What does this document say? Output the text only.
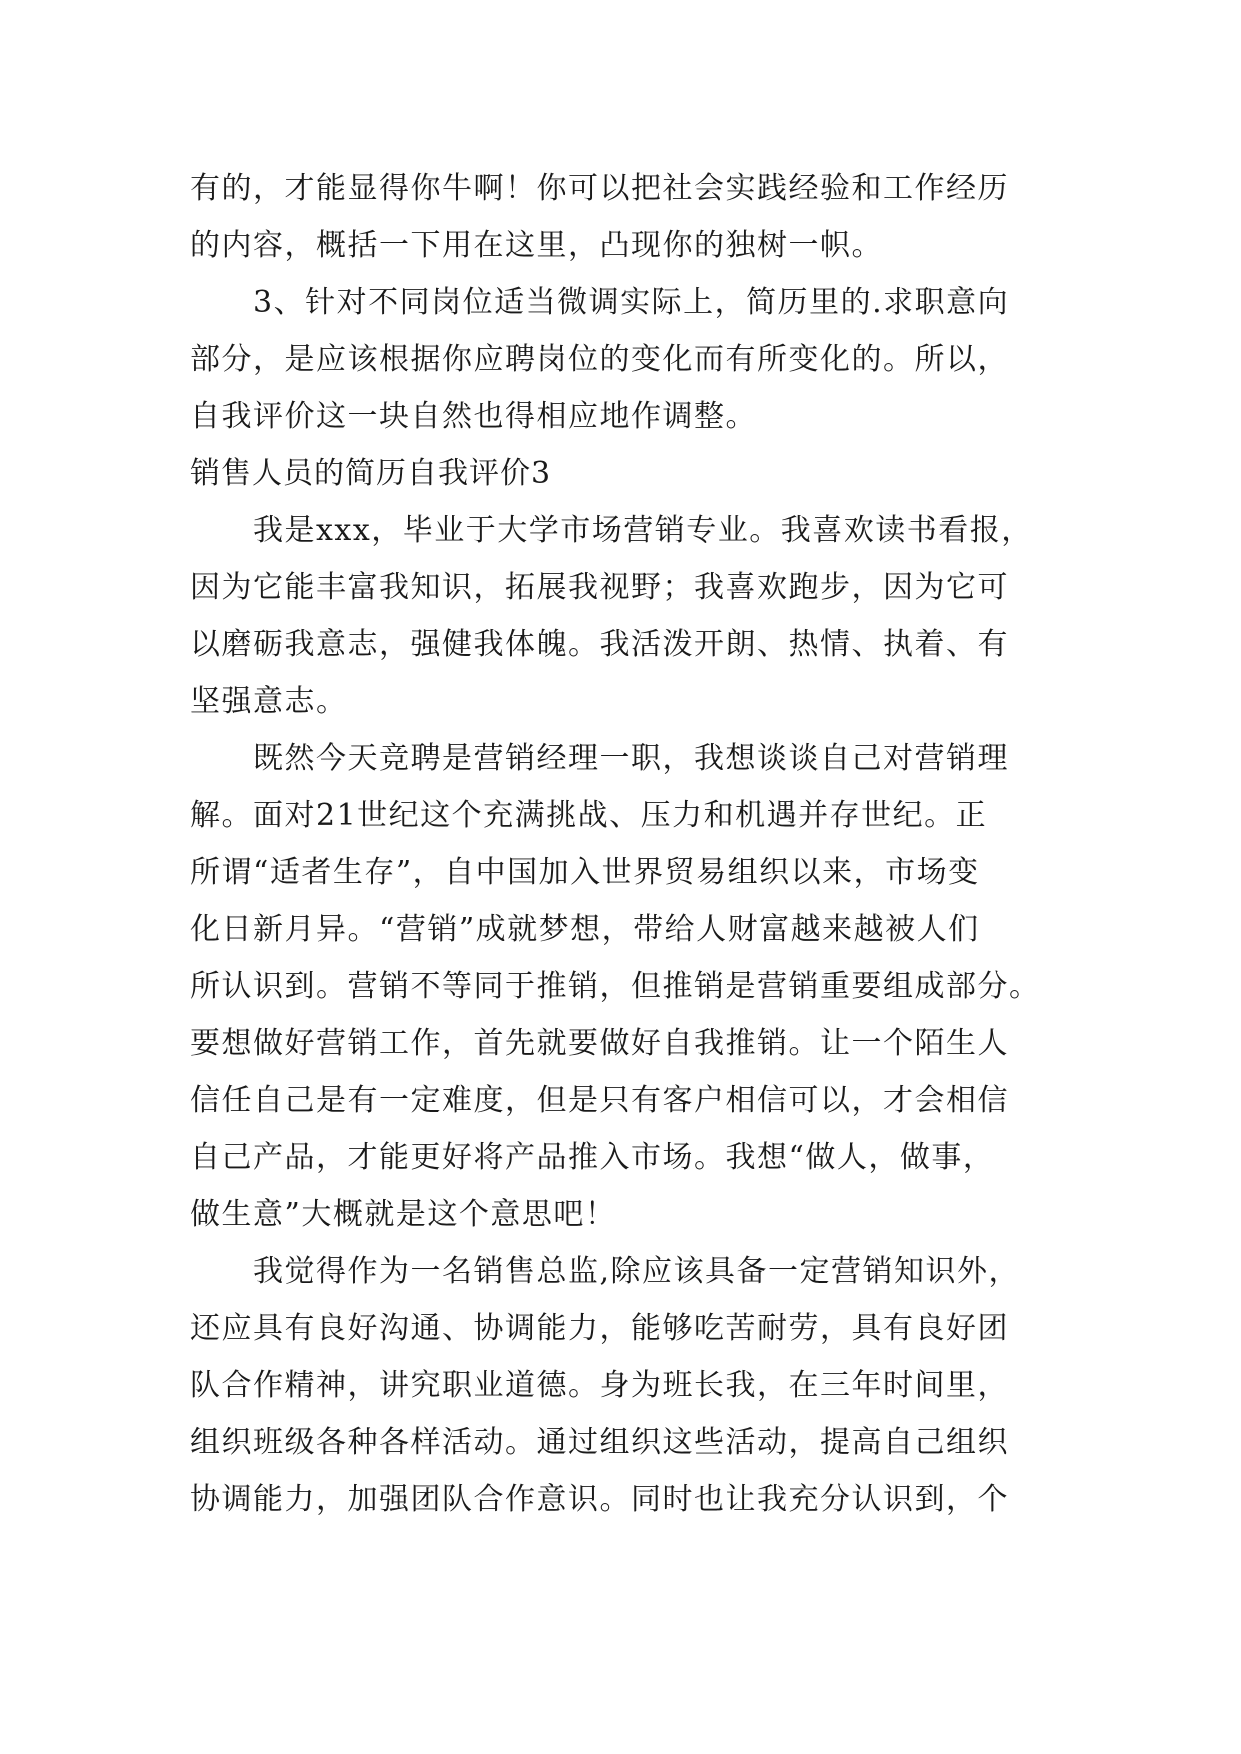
有的，才能显得你牛啊！你可以把社会实践经验和工作经历
的内容，概括一下用在这里，凸现你的独树一帜。
　　3、针对不同岗位适当微调实际上，简历里的.求职意向
部分，是应该根据你应聘岗位的变化而有所变化的。所以，
自我评价这一块自然也得相应地作调整。
销售人员的简历自我评价3
　　我是xxx，毕业于大学市场营销专业。我喜欢读书看报，
因为它能丰富我知识，拓展我视野；我喜欢跑步，因为它可
以磨砺我意志，强健我体魄。我活泼开朗、热情、执着、有
坚强意志。
　　既然今天竞聘是营销经理一职，我想谈谈自己对营销理
解。面对21世纪这个充满挑战、压力和机遇并存世纪。正
所谓“适者生存”，自中国加入世界贸易组织以来，市场变
化日新月异。“营销”成就梦想，带给人财富越来越被人们
所认识到。营销不等同于推销，但推销是营销重要组成部分。
要想做好营销工作，首先就要做好自我推销。让一个陌生人
信任自己是有一定难度，但是只有客户相信可以，才会相信
自己产品，才能更好将产品推入市场。我想“做人，做事，
做生意”大概就是这个意思吧！
　　我觉得作为一名销售总监,除应该具备一定营销知识外，
还应具有良好沟通、协调能力，能够吃苦耐劳，具有良好团
队合作精神，讲究职业道德。身为班长我，在三年时间里，
组织班级各种各样活动。通过组织这些活动，提高自己组织
协调能力，加强团队合作意识。同时也让我充分认识到，个
